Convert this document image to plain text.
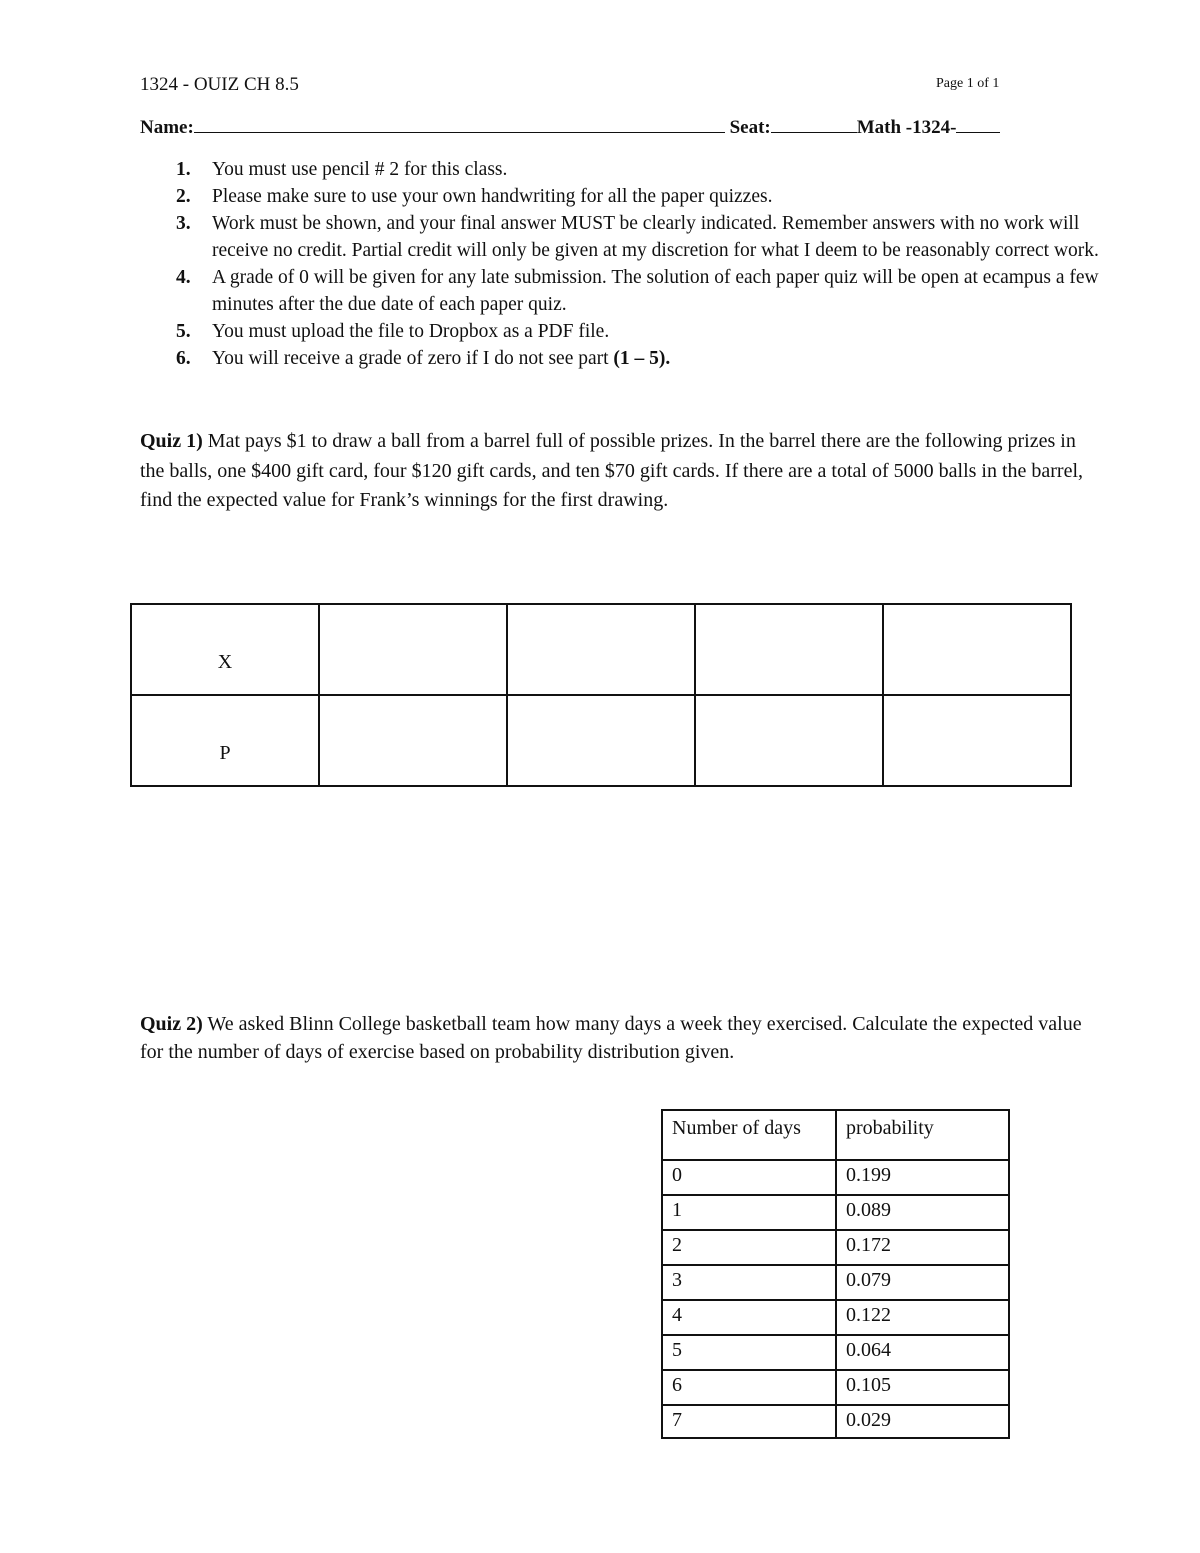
1324 - OUIZ CH 8.5	Page 1 of 1
Name:	Seat:	Math -1324-
1. You must use pencil # 2 for this class.
2. Please make sure to use your own handwriting for all the paper quizzes.
3. Work must be shown, and your final answer MUST be clearly indicated. Remember answers with no work will receive no credit. Partial credit will only be given at my discretion for what I deem to be reasonably correct work.
4. A grade of 0 will be given for any late submission. The solution of each paper quiz will be open at ecampus a few minutes after the due date of each paper quiz.
5. You must upload the file to Dropbox as a PDF file.
6. You will receive a grade of zero if I do not see part (1 – 5).
Quiz 1) Mat pays $1 to draw a ball from a barrel full of possible prizes. In the barrel there are the following prizes in the balls, one $400 gift card, four $120 gift cards, and ten $70 gift cards. If there are a total of 5000 balls in the barrel, find the expected value for Frank’s winnings for the first drawing.
X				
P				
Quiz 2) We asked Blinn College basketball team how many days a week they exercised. Calculate the expected value for the number of days of exercise based on probability distribution given.
Number of days	probability
0	0.199
1	0.089
2	0.172
3	0.079
4	0.122
5	0.064
6	0.105
7	0.029
